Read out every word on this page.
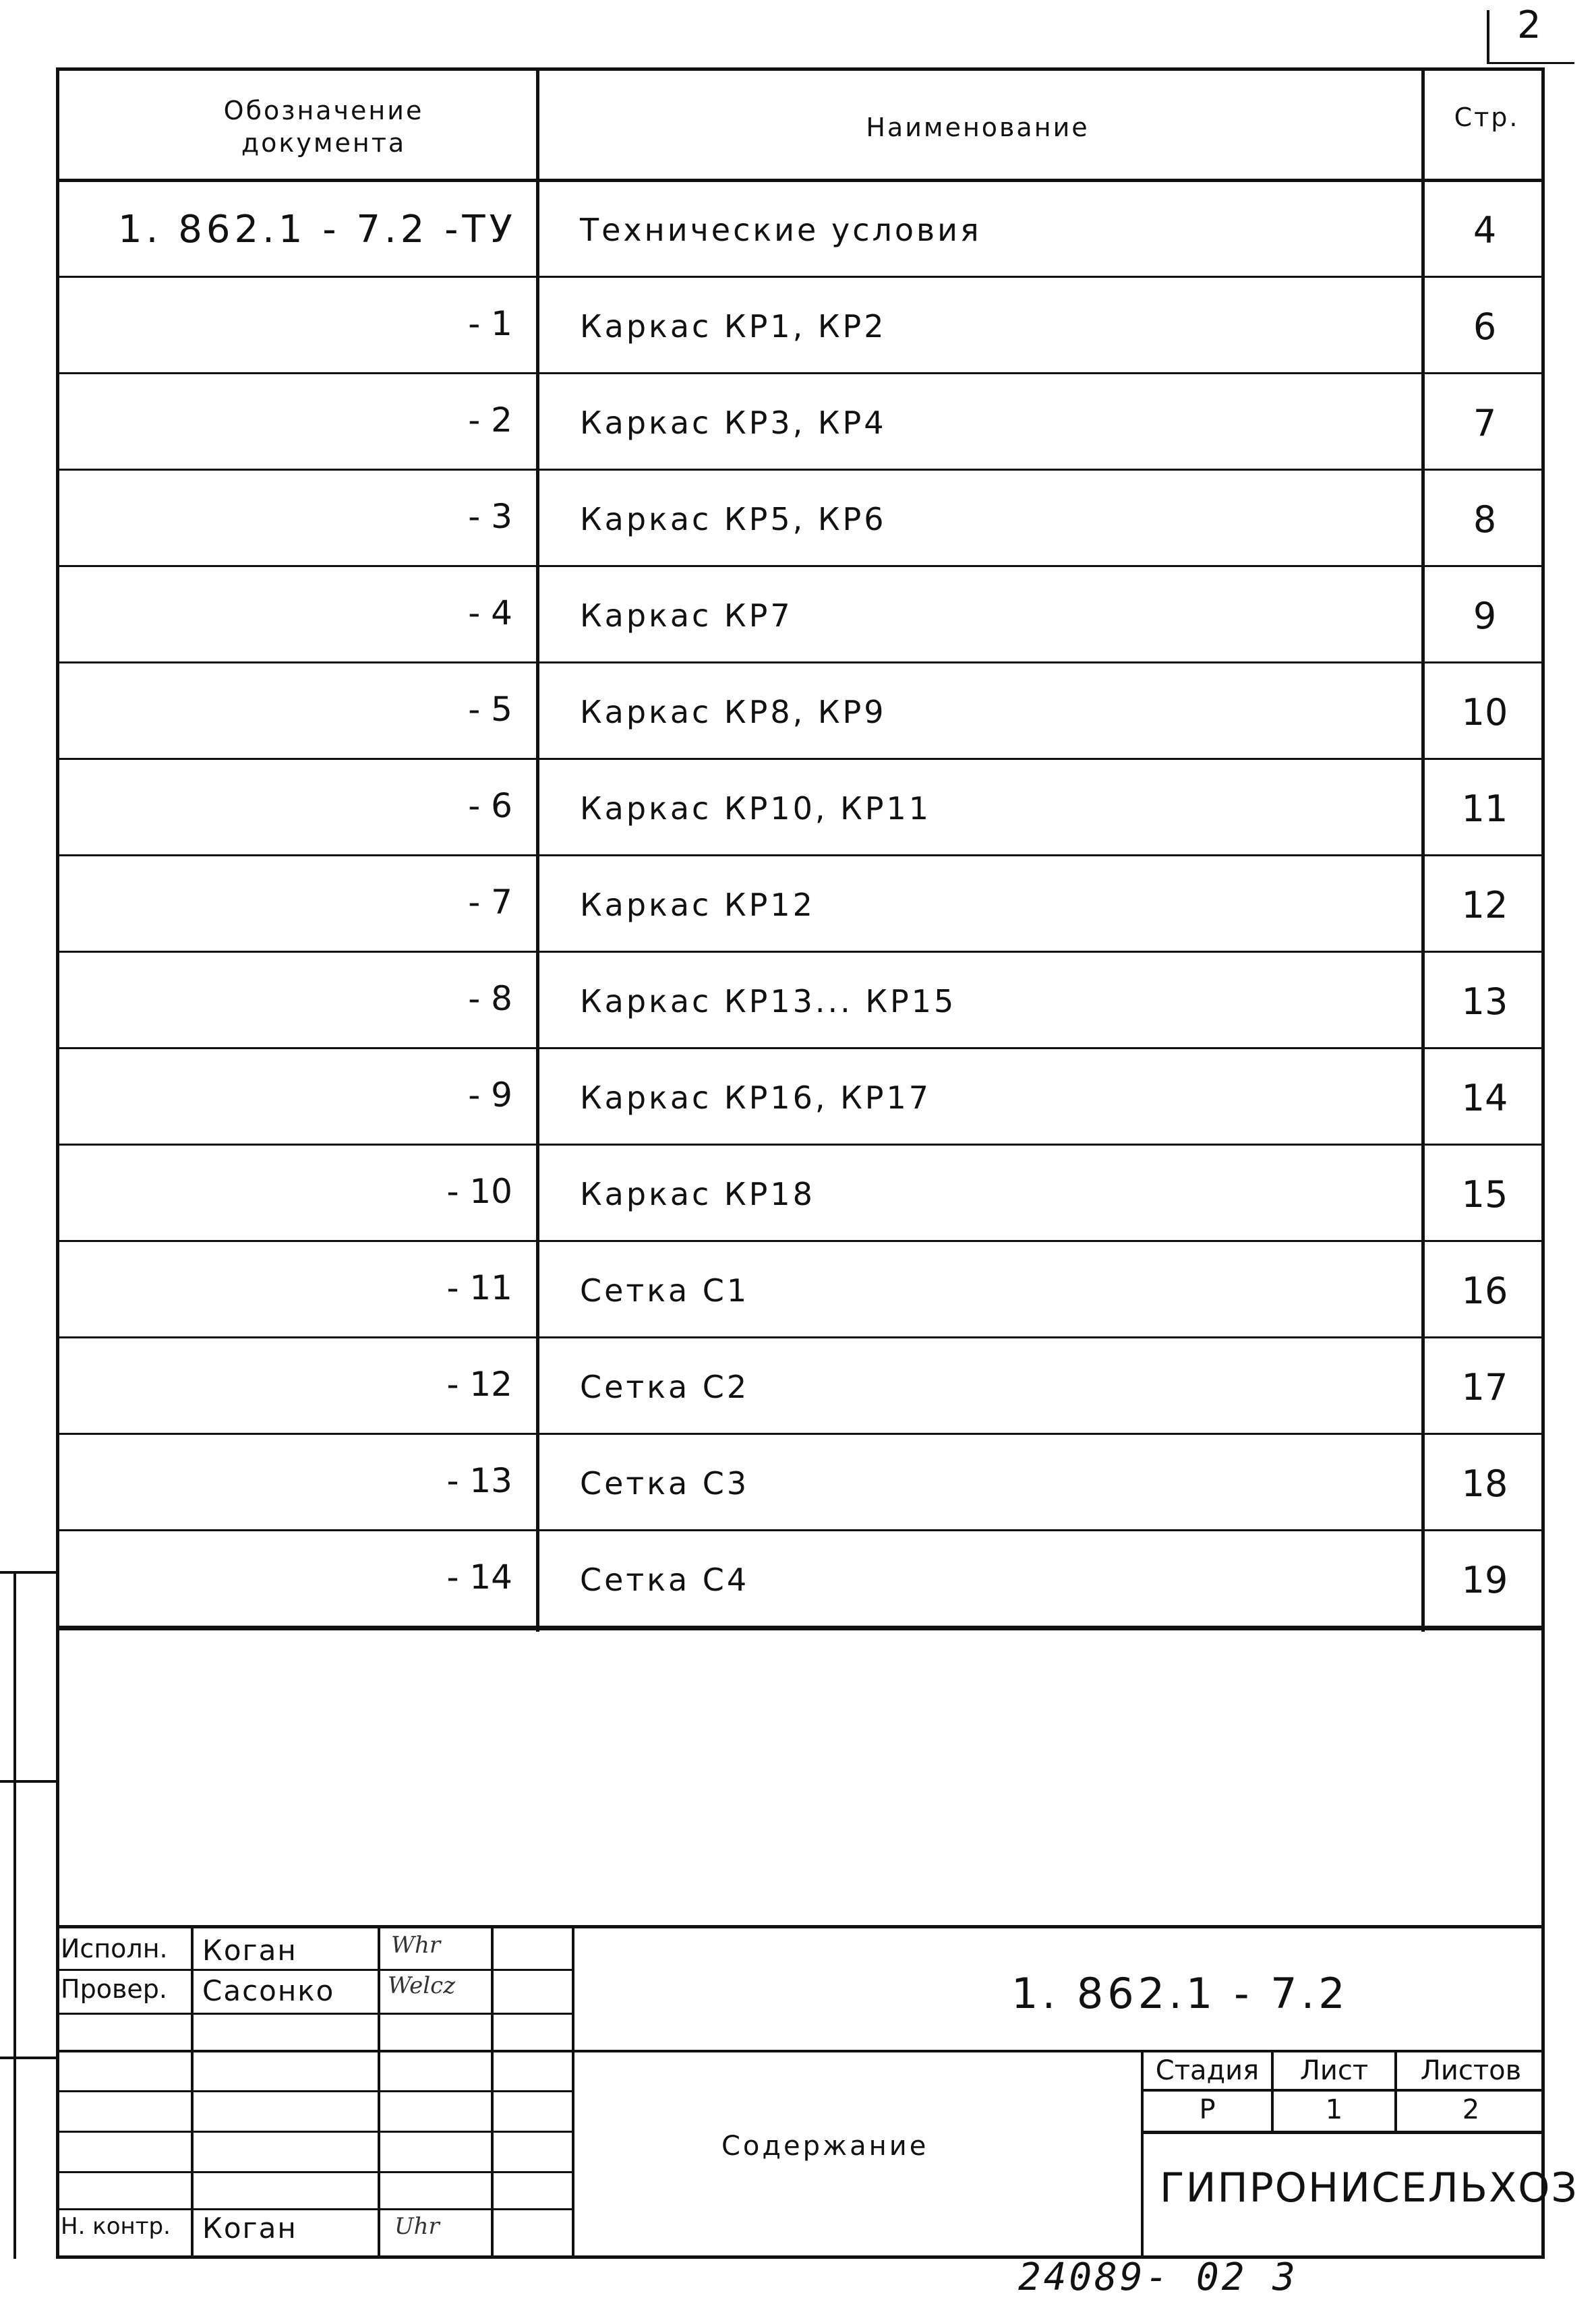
2
Обозначение
документа
Наименование	Стр.
1. 862.1 - 7.2 -ТУ Технические условия	4
- 1 Каркас КР1, КР2	6
- 2 Каркас КР3, КР4	7
- 3 Каркас КР5, КР6	8
- 4 Каркас КР7	9
- 5 Каркас КР8, КР9	10
- 6 Каркас КР10, КР11	11
- 7 Каркас КР12	12
- 8 Каркас КР13... КР15	13
- 9 Каркас КР16, КР17	14
- 10 Каркас КР18	15
- 11 Сетка С1	16
- 12 Сетка С2	17
- 13 Сетка С3	18
- 14 Сетка С4	19
Исполн. Коган	Whr
Провер. Сасонко Welcz
Н. контр. Коган	Uhr
1. 862.1 - 7.2
Содержание
Стадия	Лист	Листов
Р	1	2
ГИПРОНИСЕЛЬХОЗ
24089- 02 3
